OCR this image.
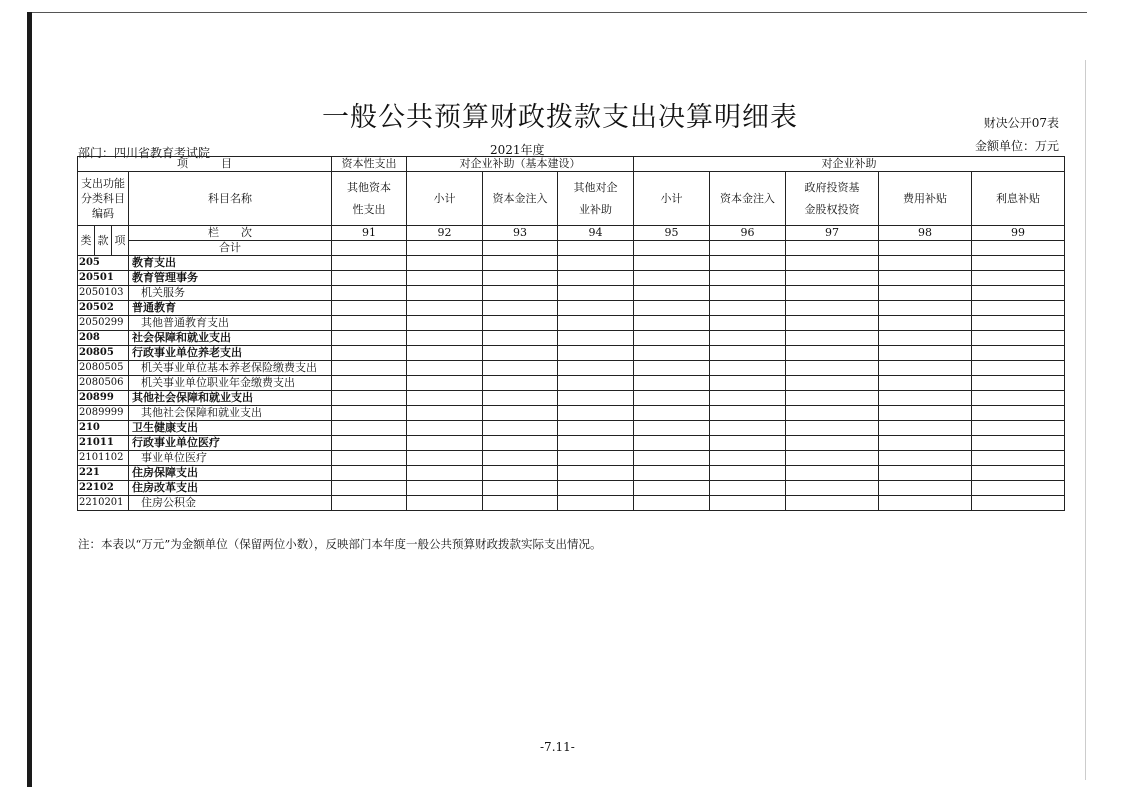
一般公共预算财政拨款支出决算明细表	财决公开07表
金额单位：万元
部门：四川省教育考试院	2021年度
项　　　目				资本性支出	对企业补助（基本建设）			对企业补助				
支出功能分类科目编码			科目名称	其他资本性支出	小计	资本金注入	其他对企业补助	小计	资本金注入	政府投资基金股权投资	费用补贴	利息补贴
类	款	项	栏　　次	91	92	93	94	95	96	97	98	99
			合计									
205			教育支出									
20501			教育管理事务									
2050103			机关服务									
20502			普通教育									
2050299			其他普通教育支出									
208			社会保障和就业支出									
20805			行政事业单位养老支出									
2080505			机关事业单位基本养老保险缴费支出									
2080506			机关事业单位职业年金缴费支出									
20899			其他社会保障和就业支出									
2089999			其他社会保障和就业支出									
210			卫生健康支出									
21011			行政事业单位医疗									
2101102			事业单位医疗									
221			住房保障支出									
22102			住房改革支出									
2210201			住房公积金									
注：本表以“万元”为金额单位（保留两位小数），反映部门本年度一般公共预算财政拨款实际支出情况。
-7.11-
